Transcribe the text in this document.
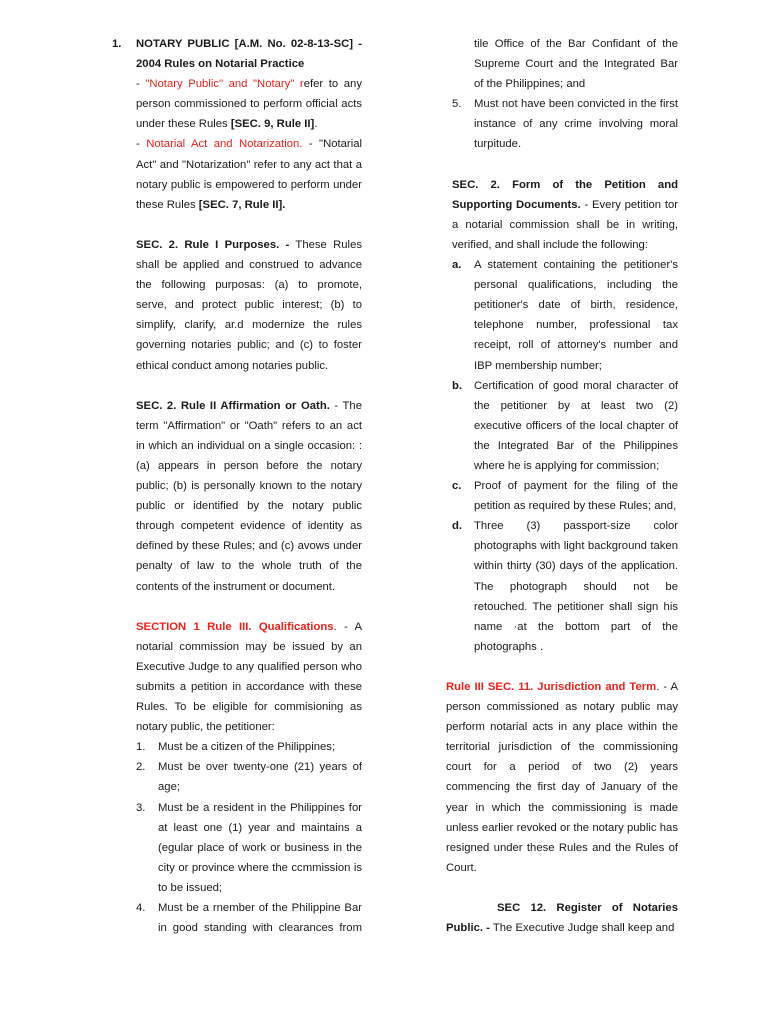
1. NOTARY PUBLIC [A.M. No. 02-8-13-SC] -
2004 Rules on Notarial Practice
- "Notary Public" and "Notary" refer to any
person commissioned to perform official acts
under these Rules [SEC. 9, Rule II].
- Notarial Act and Notarization. - "Notarial
Act" and "Notarization" refer to any act that a
notary public is empowered to perform under
these Rules [SEC. 7, Rule II].
SEC. 2. Rule I Purposes. - These Rules
shall be applied and construed to advance
the following purposas: (a) to promote,
serve, and protect public interest; (b) to
simplify, clarify, ar.d modernize the rules
governing notaries public; and (c) to foster
ethical conduct among notaries public.
SEC. 2. Rule II Affirmation or Oath. - The
term "Affirmation" or "Oath" refers to an act
in which an individual on a single occasion: :
(a) appears in person before the notary
public; (b) is personally known to the notary
public or identified by the notary public
through competent evidence of identity as
defined by these Rules; and (c) avows under
penalty of law to the whole truth of the
contents of the instrument or document.
SECTION 1 Rule III. Qualifications. - A
notarial commission may be issued by an
Executive Judge to any qualified person who
submits a petition in accordance with these
Rules. To be eligible for commisioning as
notary public, the petitioner:
1. Must be a citizen of the Philippines;
2. Must be over twenty-one (21) years of
age;
3. Must be a resident in the Philippines for
at least one (1) year and maintains a
(egular place of work or business in the
city or province where the ccmmission is
to be issued;
4. Must be a rnember of the Philippine Bar
in good standing with clearances from
tile Office of the Bar Confidant of the
Supreme Court and the Integrated Bar
of the Philippines; and
5. Must not have been convicted in the first
instance of any crime involving moral
turpitude.
SEC. 2. Form of the Petition and
Supporting Documents. - Every petition tor
a notarial commission shall be in writing,
verified, and shall include the following:
a. A statement containing the petitioner's
personal qualifications, including the
petitioner's date of birth, residence,
telephone number, professional tax
receipt, roll of attorney's number and
IBP membership number;
b. Certification of good moral character of
the petitioner by at least two (2)
executive officers of the local chapter of
the Integrated Bar of the Philippines
where he is applying for commission;
c. Proof of payment for the filing of the
petition as required by these Rules; and,
d. Three (3) passport-size color
photographs with light background taken
within thirty (30) days of the application.
The photograph should not be
retouched. The petitioner shall sign his
name ·at the bottom part of the
photographs .
Rule III SEC. 11. Jurisdiction and Term. - A
person commissioned as notary public may
perform notarial acts in any place within the
territorial jurisdiction of the commissioning
court for a period of two (2) years
commencing the first day of January of the
year in which the commissioning is made
unless earlier revoked or the notary public has
resigned under these Rules and the Rules of
Court.
SEC 12. Register of Notaries
Public. - The Executive Judge shall keep and
